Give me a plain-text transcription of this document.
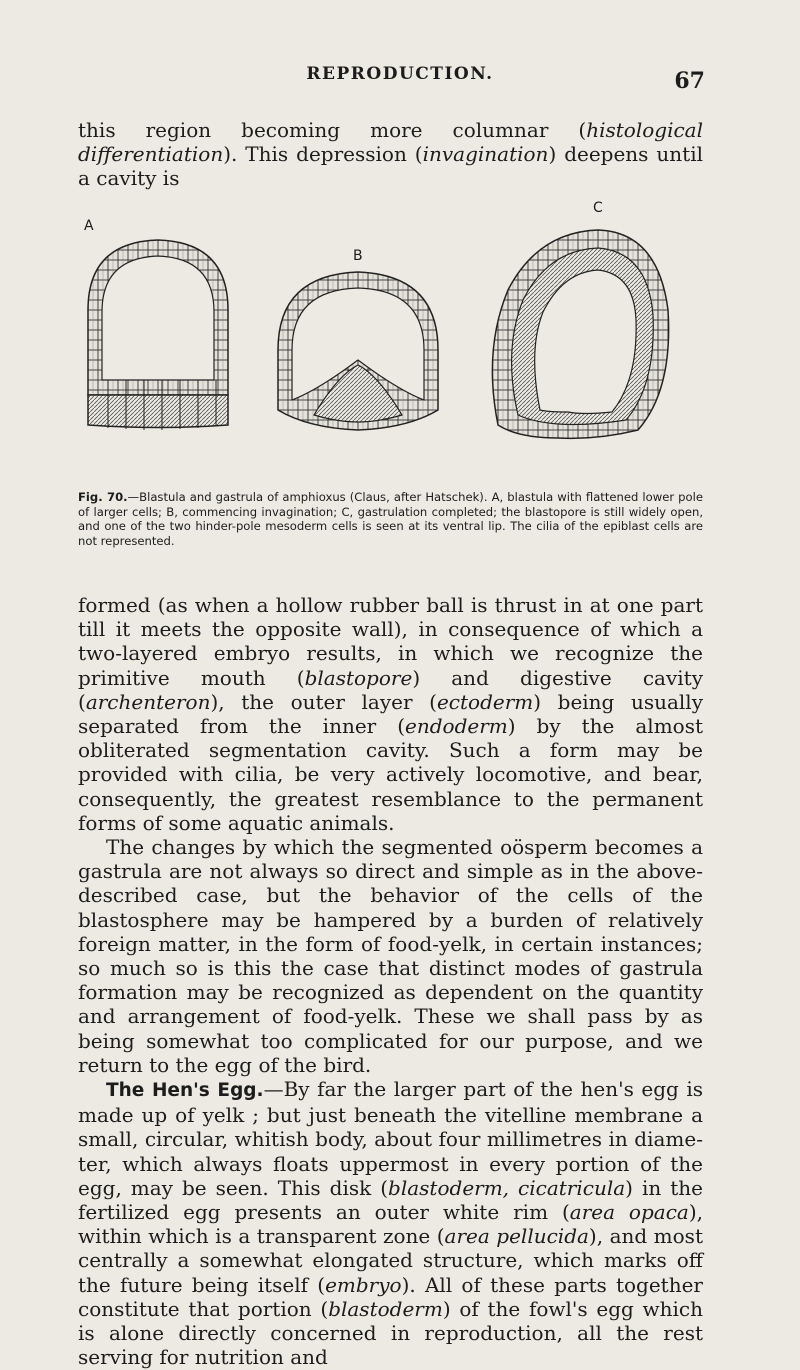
REPRODUCTION.	67

this region becoming more columnar (histological differentiation). This depression (invagination) deepens until a cavity is

A
B
C
Fig. 70.—Blastula and gastrula of amphioxus (Claus, after Hatschek). A, blastula with flattened lower pole of larger cells; B, commencing invagination; C, gastrulation completed; the blastopore is still widely open, and one of the two hinder-pole mesoderm cells is seen at its ventral lip. The cilia of the epiblast cells are not represented.

formed (as when a hollow rubber ball is thrust in at one part till it meets the opposite wall), in consequence of which a two-layered embryo results, in which we recognize the primitive mouth (blastopore) and digestive cavity (archenteron), the outer layer (ectoderm) being usually separated from the inner (endoderm) by the almost obliterated segmentation cavity. Such a form may be provided with cilia, be very actively locomotive, and bear, consequently, the greatest resemblance to the permanent forms of some aquatic animals.

The changes by which the segmented oösperm becomes a gastrula are not always so direct and simple as in the above-described case, but the behavior of the cells of the blastosphere may be hampered by a burden of relatively foreign matter, in the form of food-yelk, in certain instances; so much so is this the case that distinct modes of gastrula formation may be recognized as dependent on the quantity and arrangement of food-yelk. These we shall pass by as being somewhat too complicated for our purpose, and we return to the egg of the bird.

The Hen's Egg.—By far the larger part of the hen's egg is made up of yelk ; but just beneath the vitelline membrane a small, circular, whitish body, about four millimetres in diameter, which always floats uppermost in every portion of the egg, may be seen. This disk (blastoderm, cicatricula) in the fertilized egg presents an outer white rim (area opaca), within which is a transparent zone (area pellucida), and most centrally a somewhat elongated structure, which marks off the future being itself (embryo). All of these parts together constitute that portion (blastoderm) of the fowl's egg which is alone directly concerned in reproduction, all the rest serving for nutrition and
